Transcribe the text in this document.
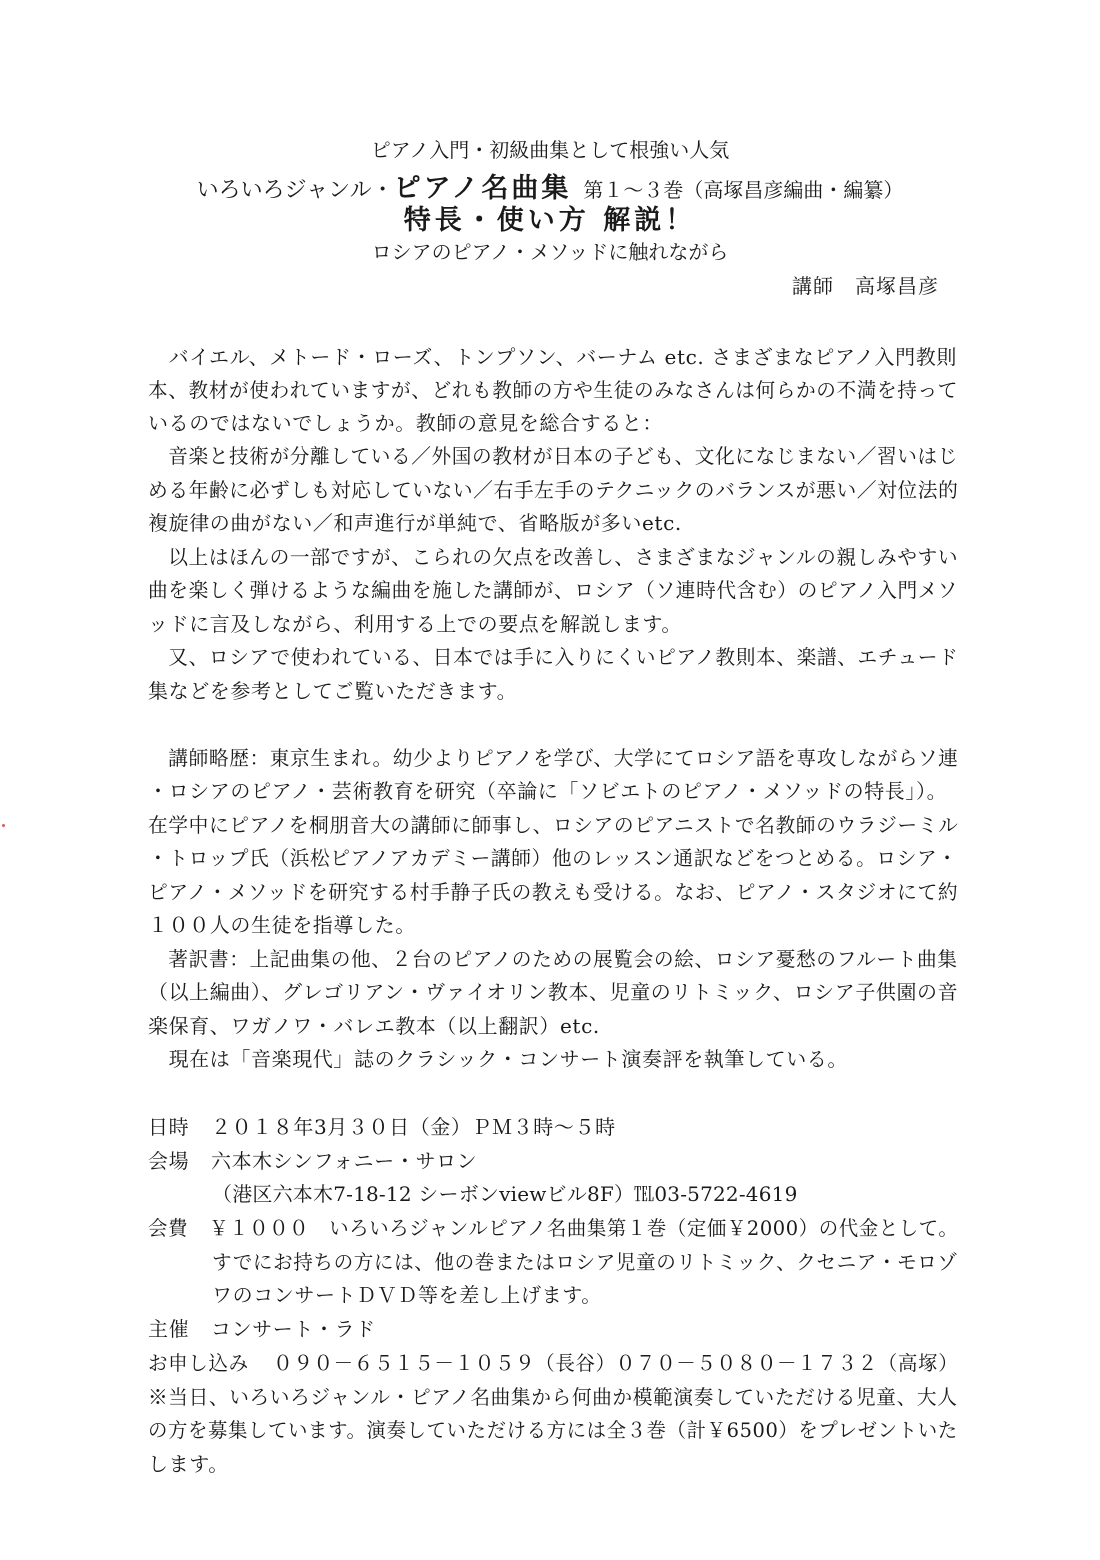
ピアノ入門・初級曲集として根強い人気
いろいろジャンル・ピアノ名曲集 第１～３巻（高塚昌彦編曲・編纂）
特長・使い方 解説！
ロシアのピアノ・メソッドに触れながら
講師　高塚昌彦
　バイエル、メトード・ローズ、トンプソン、バーナム etc. さまざまなピアノ入門教則
本、教材が使われていますが、どれも教師の方や生徒のみなさんは何らかの不満を持って
いるのではないでしょうか。教師の意見を総合すると：
　音楽と技術が分離している／外国の教材が日本の子ども、文化になじまない／習いはじ
める年齢に必ずしも対応していない／右手左手のテクニックのバランスが悪い／対位法的
複旋律の曲がない／和声進行が単純で、省略版が多いetc.
　以上はほんの一部ですが、こられの欠点を改善し、さまざまなジャンルの親しみやすい
曲を楽しく弾けるような編曲を施した講師が、ロシア（ソ連時代含む）のピアノ入門メソ
ッドに言及しながら、利用する上での要点を解説します。
　又、ロシアで使われている、日本では手に入りにくいピアノ教則本、楽譜、エチュード
集などを参考としてご覧いただきます。
　講師略歴：東京生まれ。幼少よりピアノを学び、大学にてロシア語を専攻しながらソ連
・ロシアのピアノ・芸術教育を研究（卒論に「ソビエトのピアノ・メソッドの特長」）。
在学中にピアノを桐朋音大の講師に師事し、ロシアのピアニストで名教師のウラジーミル
・トロップ氏（浜松ピアノアカデミー講師）他のレッスン通訳などをつとめる。ロシア・
ピアノ・メソッドを研究する村手静子氏の教えも受ける。なお、ピアノ・スタジオにて約
１００人の生徒を指導した。
　著訳書：上記曲集の他、２台のピアノのための展覧会の絵、ロシア憂愁のフルート曲集
（以上編曲）、グレゴリアン・ヴァイオリン教本、児童のリトミック、ロシア子供園の音
楽保育、ワガノワ・バレエ教本（以上翻訳）etc.
　現在は「音楽現代」誌のクラシック・コンサート演奏評を執筆している。
日時 ２０１８年3月３０日（金）ＰＭ３時～５時
会場 六本木シンフォニー・サロン
（港区六本木7-18-12 シーボンviewビル8F）℡03-5722-4619
会費 ￥１０００　いろいろジャンルピアノ名曲集第１巻（定価￥2000）の代金として。
すでにお持ちの方には、他の巻またはロシア児童のリトミック、クセニア・モロゾ
ワのコンサートＤＶＤ等を差し上げます。
主催 コンサート・ラド
お申し込み ０９０－６５１５－１０５９（長谷）０７０－５０８０－１７３２（高塚）
※当日、いろいろジャンル・ピアノ名曲集から何曲か模範演奏していただける児童、大人
の方を募集しています。演奏していただける方には全３巻（計￥6500）をプレゼントいた
します。
